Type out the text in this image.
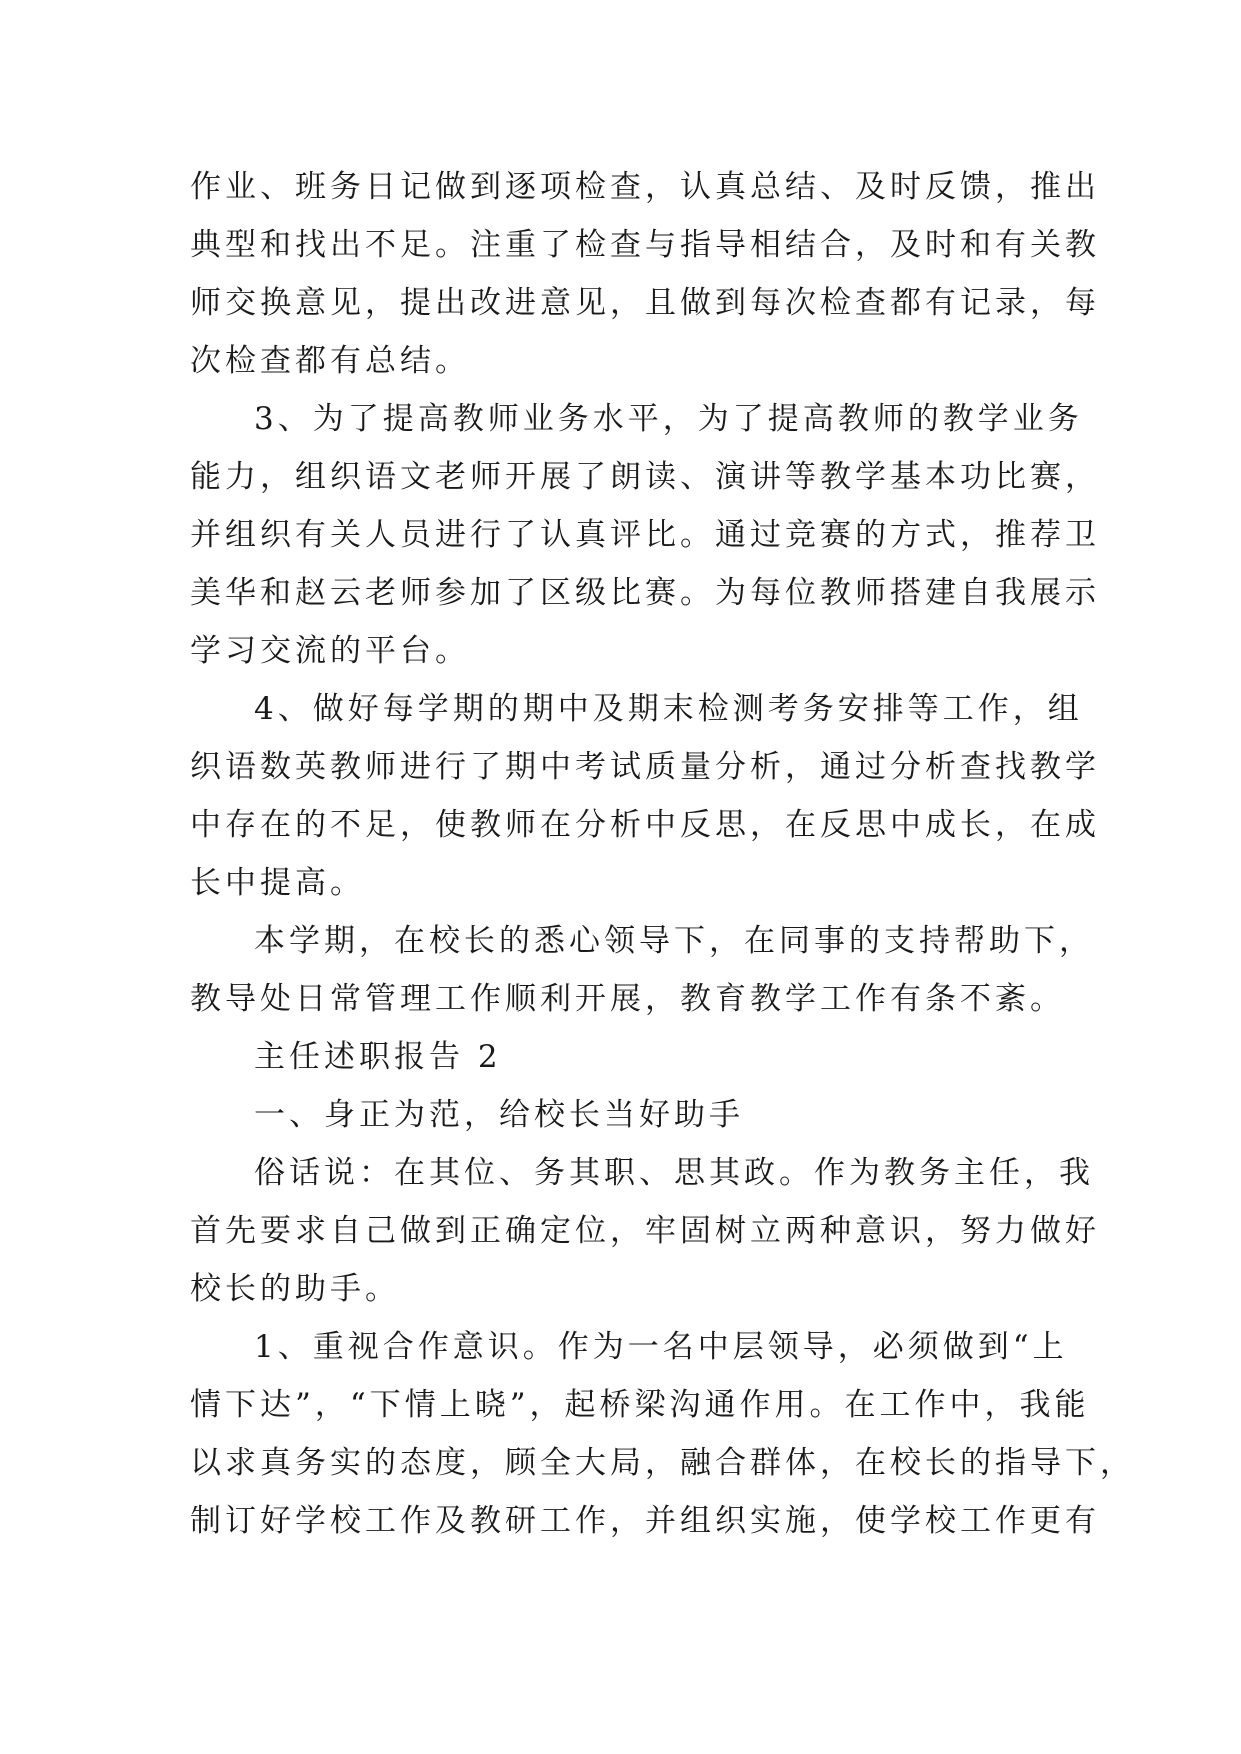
作业、班务日记做到逐项检查，认真总结、及时反馈，推出
典型和找出不足。注重了检查与指导相结合，及时和有关教
师交换意见，提出改进意见，且做到每次检查都有记录，每
次检查都有总结。
3、为了提高教师业务水平，为了提高教师的教学业务
能力，组织语文老师开展了朗读、演讲等教学基本功比赛，
并组织有关人员进行了认真评比。通过竞赛的方式，推荐卫
美华和赵云老师参加了区级比赛。为每位教师搭建自我展示
学习交流的平台。
4、做好每学期的期中及期末检测考务安排等工作，组
织语数英教师进行了期中考试质量分析，通过分析查找教学
中存在的不足，使教师在分析中反思，在反思中成长，在成
长中提高。
本学期，在校长的悉心领导下，在同事的支持帮助下，
教导处日常管理工作顺利开展，教育教学工作有条不紊。
主任述职报告 2
一、身正为范，给校长当好助手
俗话说：在其位、务其职、思其政。作为教务主任，我
首先要求自己做到正确定位，牢固树立两种意识，努力做好
校长的助手。
1、重视合作意识。作为一名中层领导，必须做到“上
情下达”，“下情上晓”，起桥梁沟通作用。在工作中，我能
以求真务实的态度，顾全大局，融合群体，在校长的指导下，
制订好学校工作及教研工作，并组织实施，使学校工作更有
